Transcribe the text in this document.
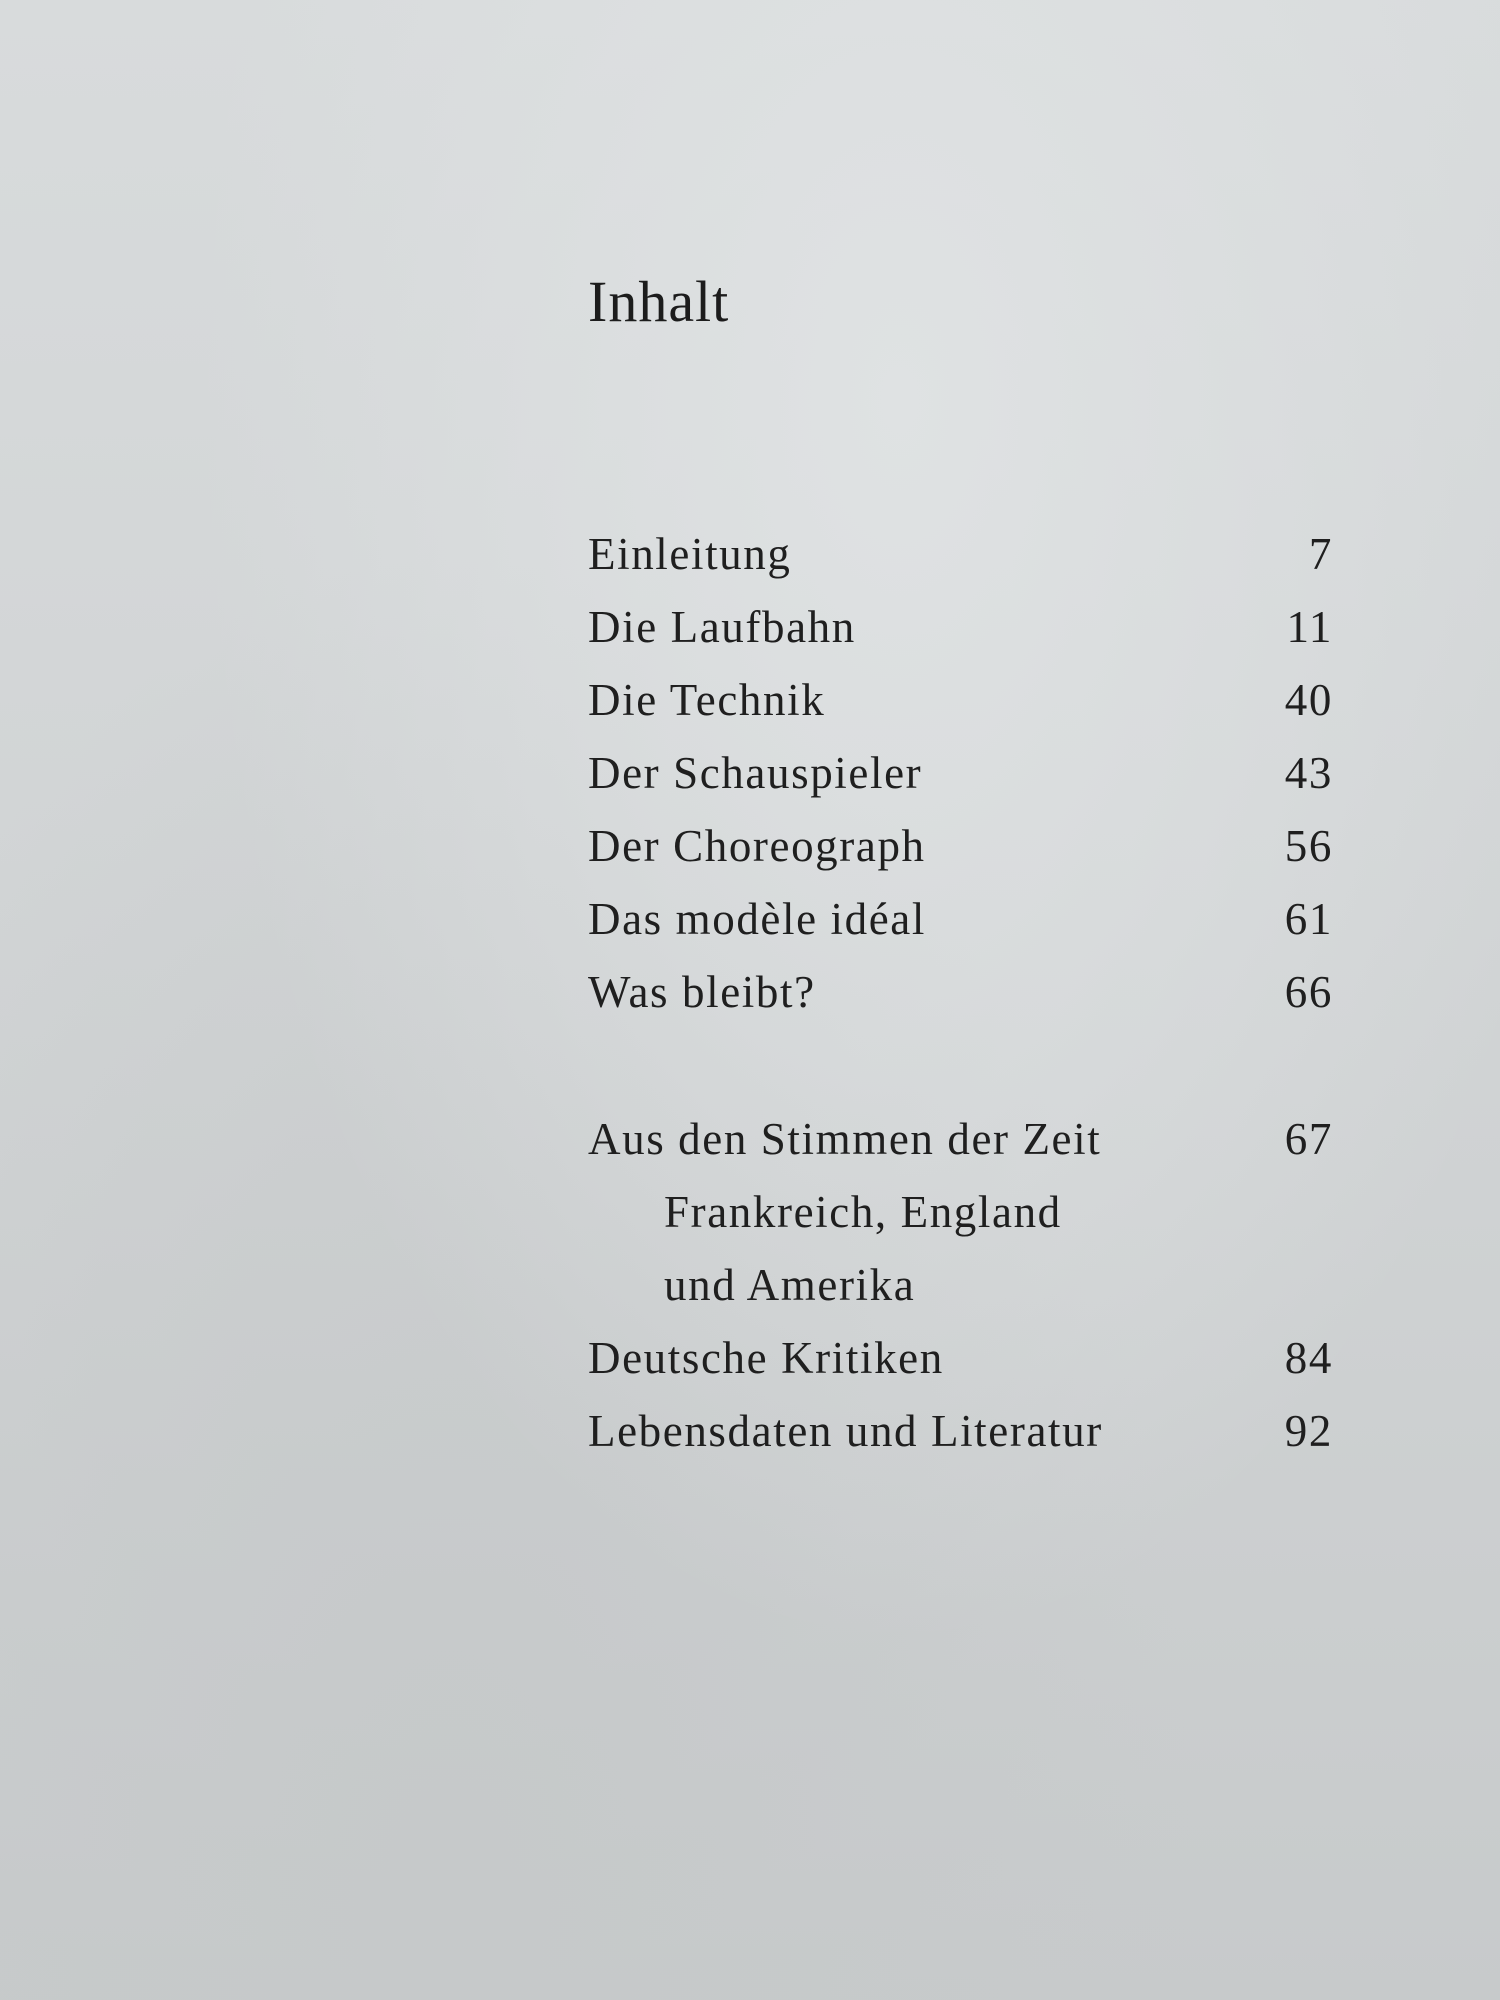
Inhalt
Einleitung	7
Die Laufbahn	11
Die Technik	40
Der Schauspieler	43
Der Choreograph	56
Das modèle idéal	61
Was bleibt?	66
Aus den Stimmen der Zeit	67
Frankreich, England
und Amerika
Deutsche Kritiken	84
Lebensdaten und Literatur	92
